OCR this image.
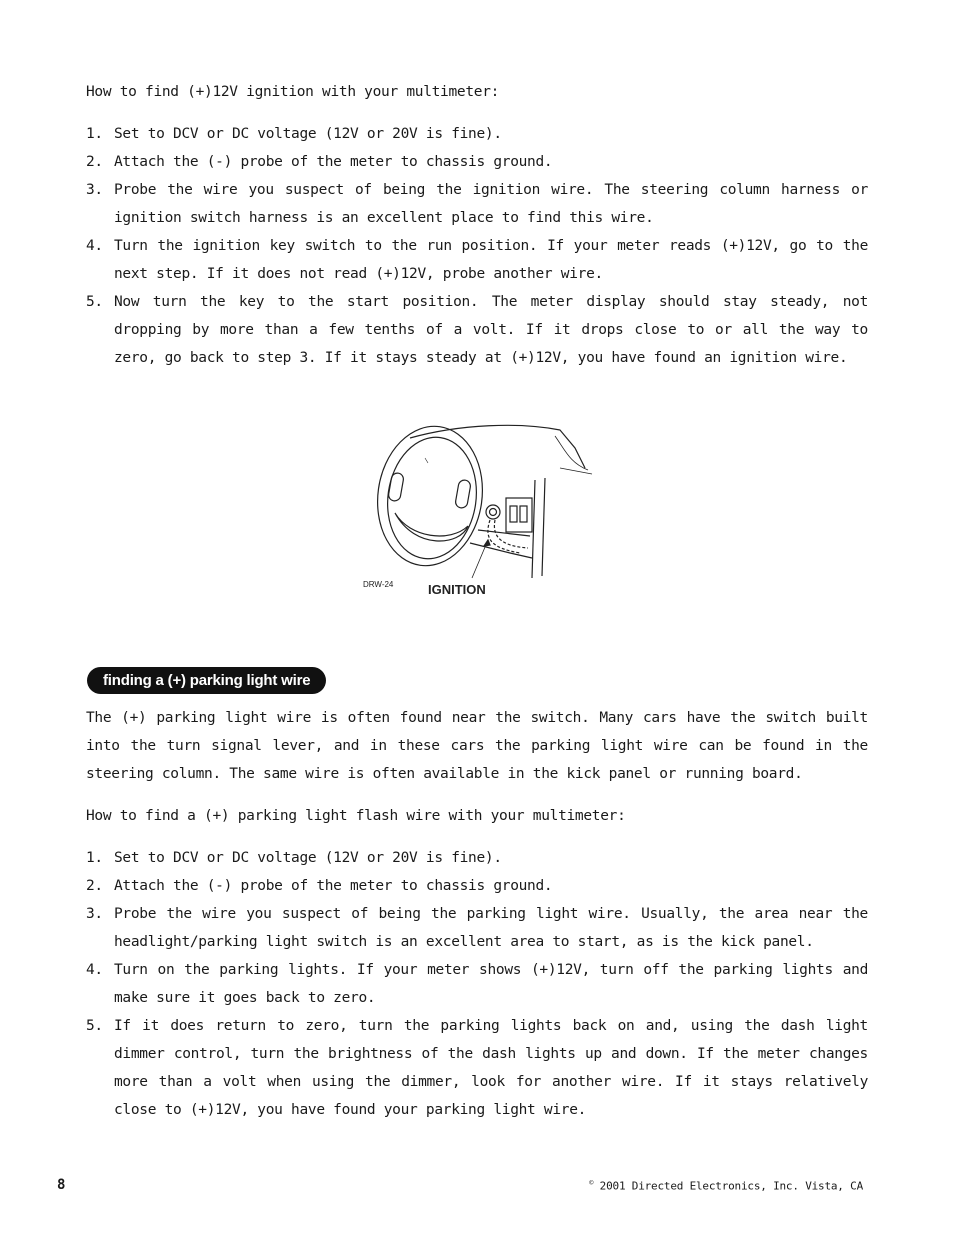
How to find (+)12V ignition with your multimeter:

1. Set to DCV or DC voltage (12V or 20V is fine).
2. Attach the (-) probe of the meter to chassis ground.
3. Probe the wire you suspect of being the ignition wire. The steering column harness or ignition switch harness is an excellent place to find this wire.
4. Turn the ignition key switch to the run position. If your meter reads (+)12V, go to the next step. If it does not read (+)12V, probe another wire.
5. Now turn the key to the start position. The meter display should stay steady, not dropping by more than a few tenths of a volt. If it drops close to or all the way to zero, go back to step 3. If it stays steady at (+)12V, you have found an ignition wire.
DRW-24	IGNITION
finding a (+) parking light wire

The (+) parking light wire is often found near the switch. Many cars have the switch built into the turn signal lever, and in these cars the parking light wire can be found in the steering column. The same wire is often available in the kick panel or running board.

How to find a (+) parking light flash wire with your multimeter:

1. Set to DCV or DC voltage (12V or 20V is fine).
2. Attach the (-) probe of the meter to chassis ground.
3. Probe the wire you suspect of being the parking light wire. Usually, the area near the headlight/parking light switch is an excellent area to start, as is the kick panel.
4. Turn on the parking lights. If your meter shows (+)12V, turn off the parking lights and make sure it goes back to zero.
5. If it does return to zero, turn the parking lights back on and, using the dash light dimmer control, turn the brightness of the dash lights up and down. If the meter changes more than a volt when using the dimmer, look for another wire. If it stays relatively close to (+)12V, you have found your parking light wire.
8	© 2001 Directed Electronics, Inc. Vista, CA
